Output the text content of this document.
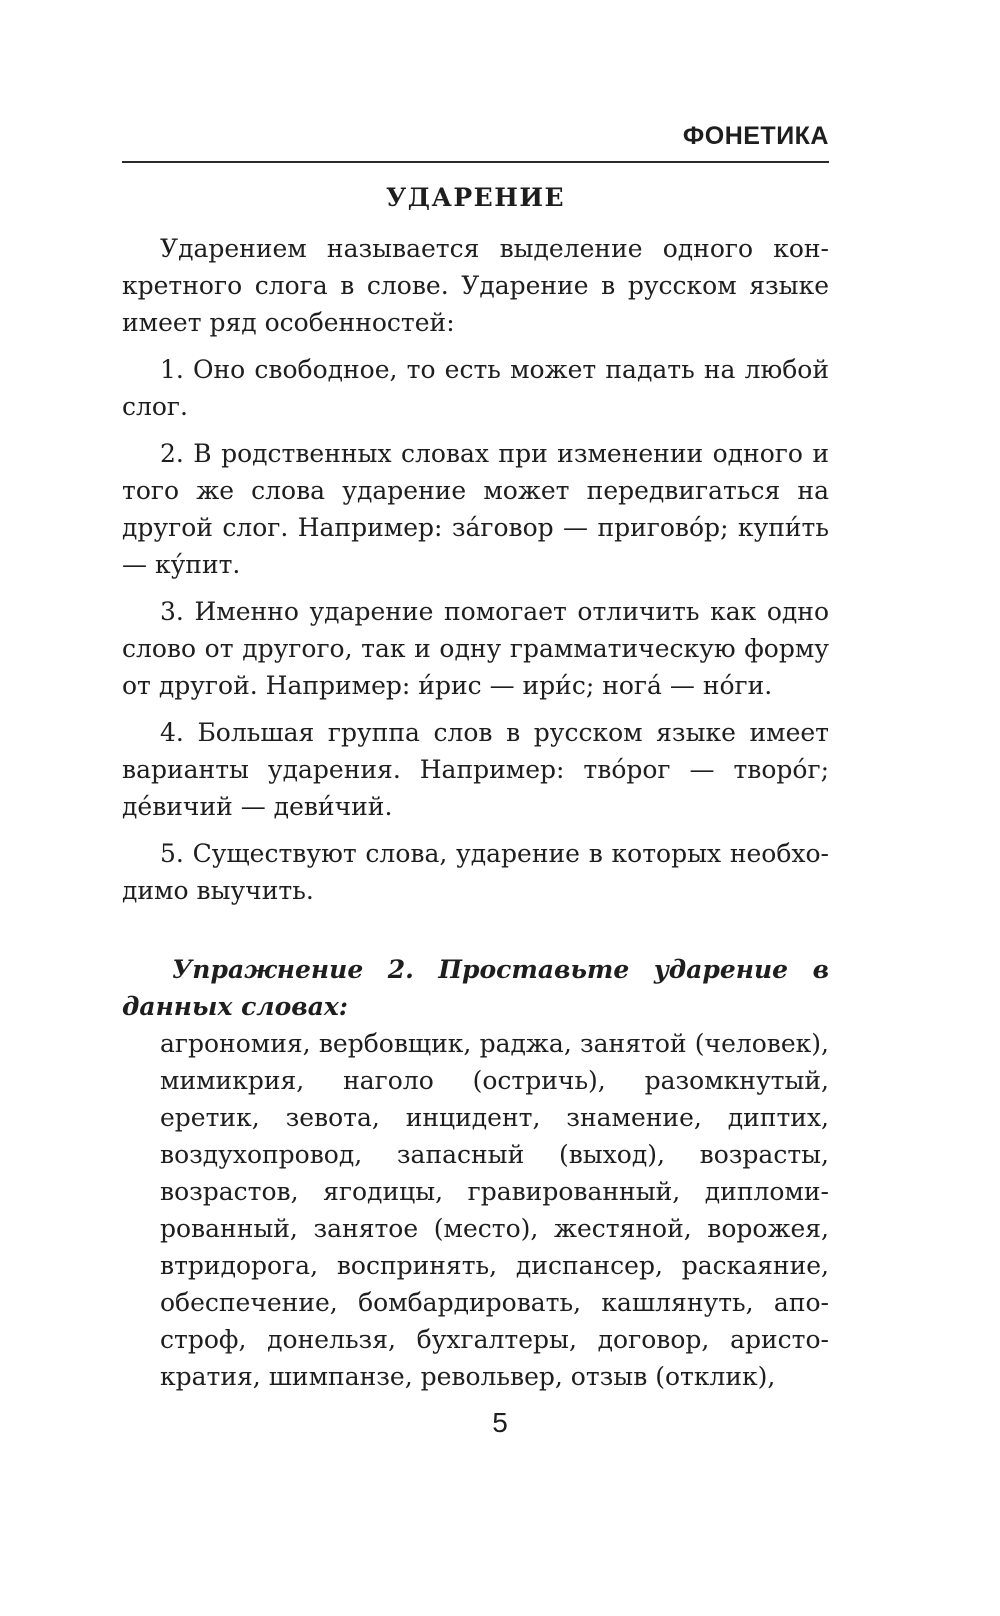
ФОНЕТИКА
УДАРЕНИЕ

Ударением называется выделение одного конкретного слога в слове. Ударение в русском языке имеет ряд особенностей:

1. Оно свободное, то есть может падать на любой слог.

2. В родственных словах при изменении одного и того же слова ударение может передвигаться на другой слог. Например: за́говор — пригово́р; купи́ть — ку́пит.

3. Именно ударение помогает отличить как одно слово от другого, так и одну грамматическую форму от другой. Например: и́рис — ири́с; нога́ — но́ги.

4. Большая группа слов в русском языке имеет варианты ударения. Например: тво́рог — творо́г; де́вичий — деви́чий.

5. Существуют слова, ударение в которых необходимо выучить.

Упражнение 2. Проставьте ударение в данных словах:

агрономия, вербовщик, раджа, занятой (человек), мимикрия, наголо (остричь), разомкнутый, еретик, зевота, инцидент, знамение, диптих, воздухопровод, запасный (выход), возрасты, возрастов, ягодицы, гравированный, дипломированный, занятое (место), жестяной, ворожея, втридорога, воспринять, диспансер, раскаяние, обеспечение, бомбардировать, кашлянуть, апостроф, донельзя, бухгалтеры, договор, аристократия, шимпанзе, револьвер, отзыв (отклик),

5
